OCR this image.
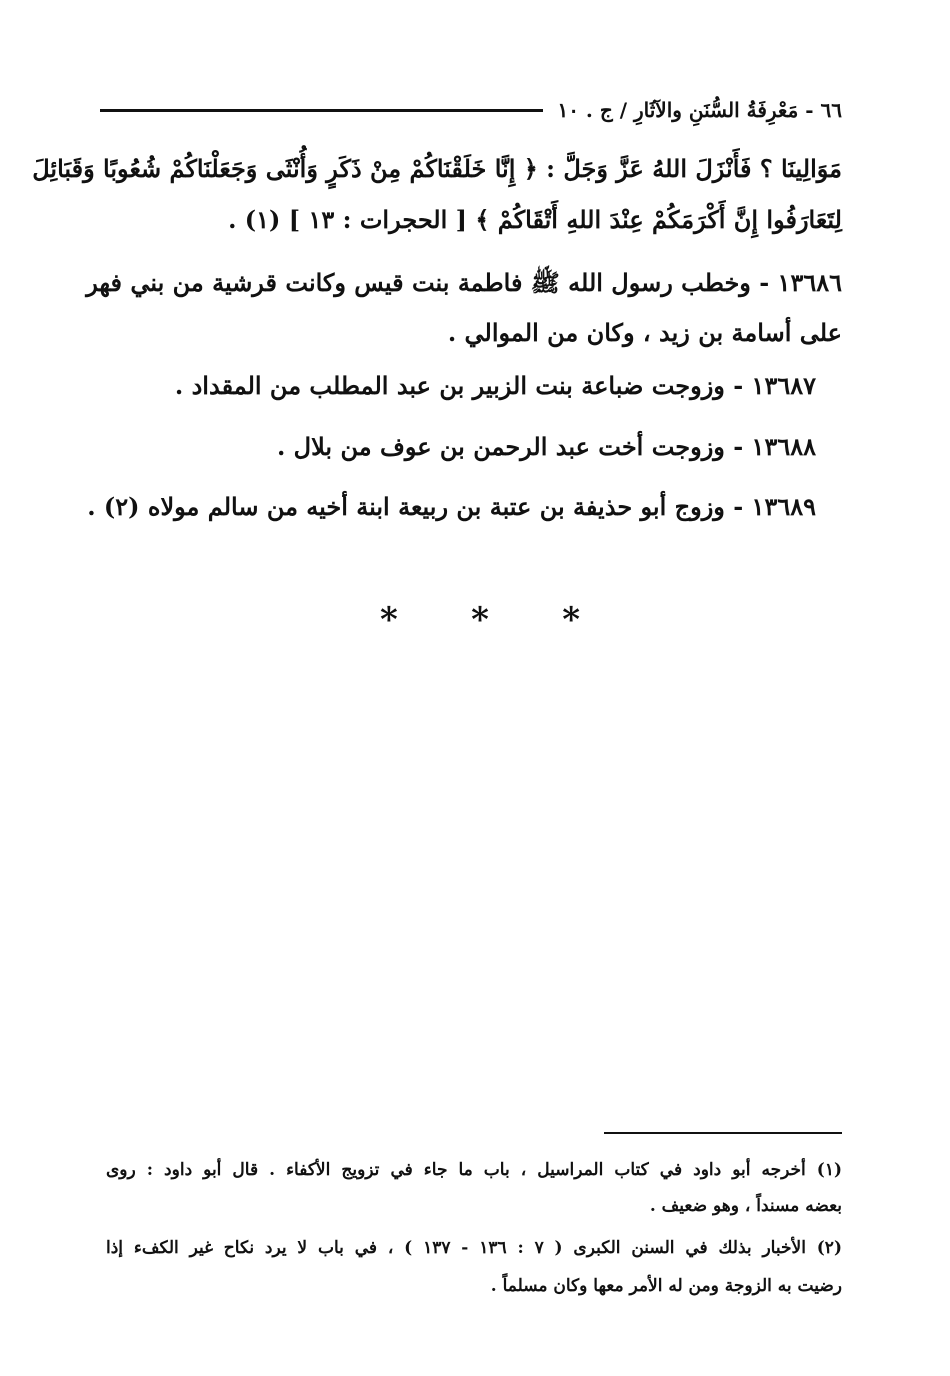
٦٦ - مَعْرِفَةُ السُّنَنِ والآثَارِ / ج . ١٠
مَوَالِينَا ؟ فَأَنْزَلَ اللهُ عَزَّ وَجَلَّ : ﴿ إِنَّا خَلَقْنَاكُمْ مِنْ ذَكَرٍ وَأُنْثَى وَجَعَلْنَاكُمْ شُعُوبًا وَقَبَائِلَ
لِتَعَارَفُوا إِنَّ أَكْرَمَكُمْ عِنْدَ اللهِ أَتْقَاكُمْ ﴾ [ الحجرات : ١٣ ] (١) .
١٣٦٨٦ - وخطب رسول الله ﷺ فاطمة بنت قيس وكانت قرشية من بني فهر
على أسامة بن زيد ، وكان من الموالي .
١٣٦٨٧ - وزوجت ضباعة بنت الزبير بن عبد المطلب من المقداد .
١٣٦٨٨ - وزوجت أخت عبد الرحمن بن عوف من بلال .
١٣٦٨٩ - وزوج أبو حذيفة بن عتبة بن ربيعة ابنة أخيه من سالم مولاه (٢) .
* * *
(١) أخرجه أبو داود في كتاب المراسيل ، باب ما جاء في تزويج الأكفاء . قال أبو داود : روى
بعضه مسنداً ، وهو ضعيف .
(٢) الأخبار بذلك في السنن الكبرى ( ٧ : ١٣٦ - ١٣٧ ) ، في باب لا يرد نكاح غير الكفء إذا
رضيت به الزوجة ومن له الأمر معها وكان مسلماً .
